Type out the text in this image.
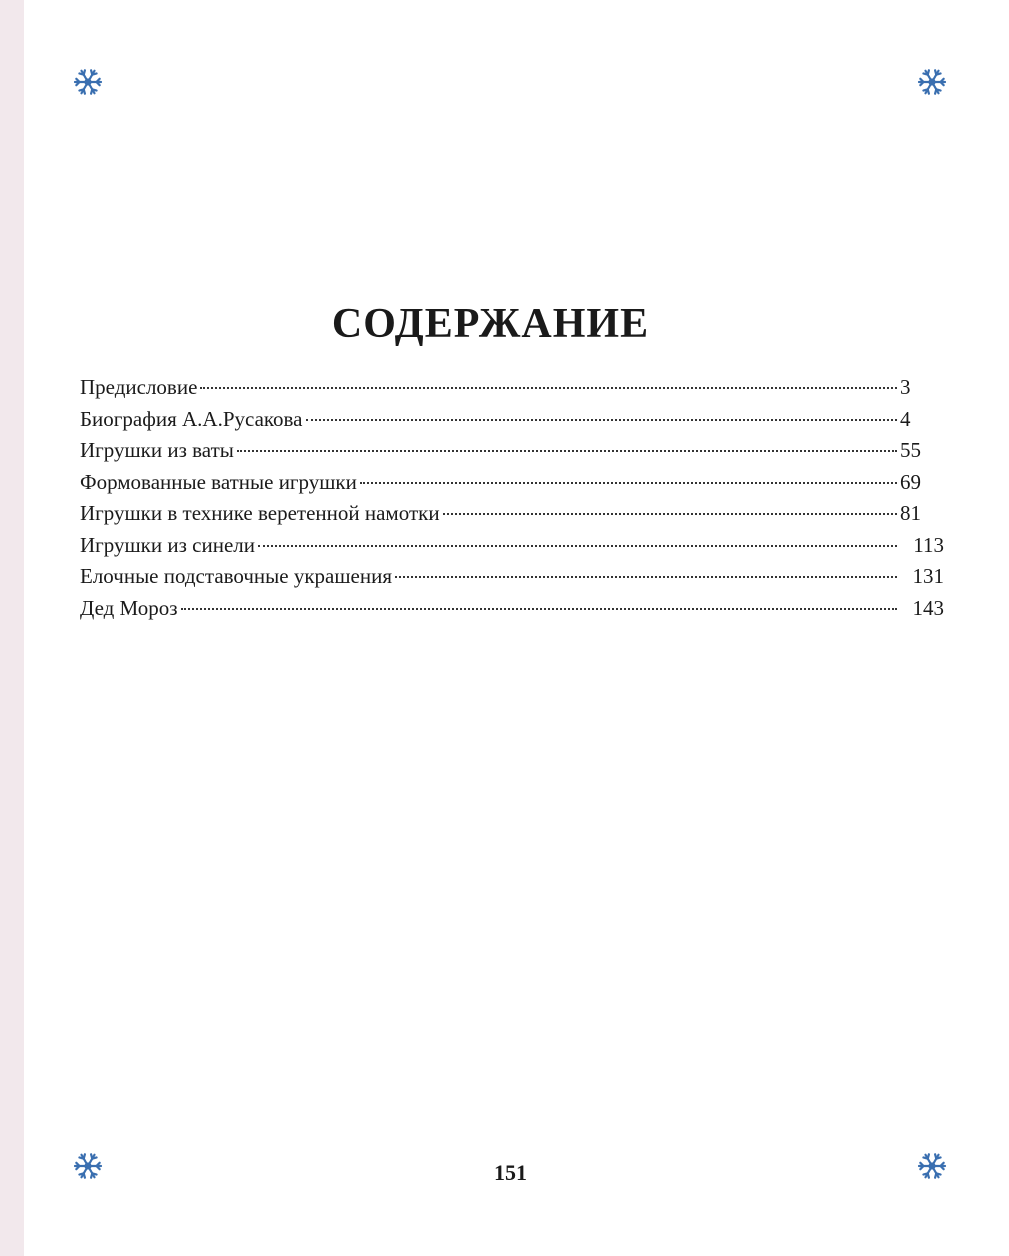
СОДЕРЖАНИЕ
Предисловие	3
Биография А.А.Русакова	4
Игрушки из ваты	55
Формованные ватные игрушки	69
Игрушки в технике веретенной намотки	81
Игрушки из синели	113
Елочные подставочные украшения	131
Дед Мороз	143
151
